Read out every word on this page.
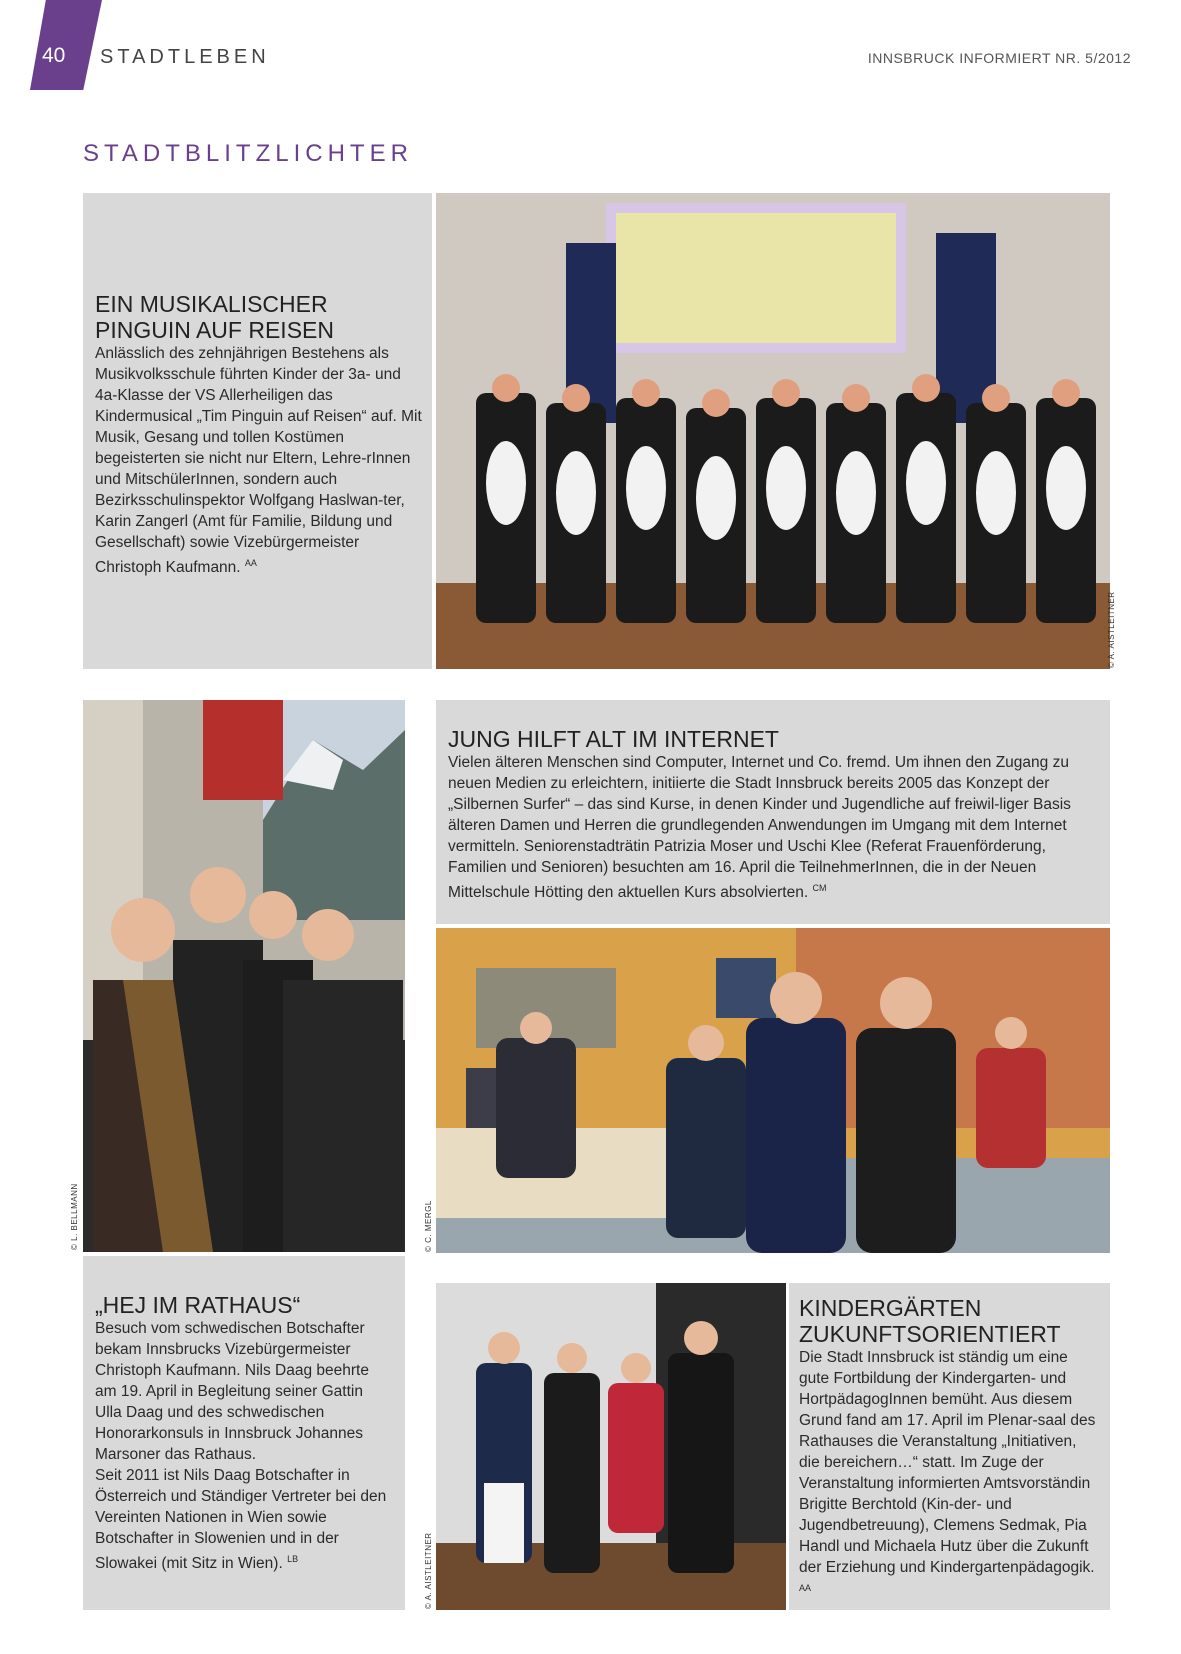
40 STADTLEBEN	INNSBRUCK INFORMIERT NR. 5/2012
STADTBLITZLICHTER
EIN MUSIKALISCHER
PINGUIN AUF REISEN

Anlässlich des zehnjährigen Bestehens als Musikvolksschule führten Kinder der 3a- und 4a-Klasse der VS Allerheiligen das Kindermusical „Tim Pinguin auf Reisen“ auf. Mit Musik, Gesang und tollen Kostümen begeisterten sie nicht nur Eltern, Lehre-rInnen und MitschülerInnen, sondern auch Bezirksschulinspektor Wolfgang Haslwan-ter, Karin Zangerl (Amt für Familie, Bildung und Gesellschaft) sowie Vizebürgermeister Christoph Kaufmann. $^{AA}$

© A. AISTLEITNER
© L. BELLMANN
JUNG HILFT ALT IM INTERNET

Vielen älteren Menschen sind Computer, Internet und Co. fremd. Um ihnen den Zugang zu neuen Medien zu erleichtern, initiierte die Stadt Innsbruck bereits 2005 das Konzept der „Silbernen Surfer“ – das sind Kurse, in denen Kinder und Jugendliche auf freiwil-liger Basis älteren Damen und Herren die grundlegenden Anwendungen im Umgang mit dem Internet vermitteln. Seniorenstadträtin Patrizia Moser und Uschi Klee (Referat Frauenförderung, Familien und Senioren) besuchten am 16. April die TeilnehmerInnen, die in der Neuen Mittelschule Hötting den aktuellen Kurs absolvierten. $^{CM}$

© C. MERGL
„HEJ IM RATHAUS“

Besuch vom schwedischen Botschafter bekam Innsbrucks Vizebürgermeister Christoph Kaufmann. Nils Daag beehrte am 19. April in Begleitung seiner Gattin Ulla Daag und des schwedischen Honorarkonsuls in Innsbruck Johannes Marsoner das Rathaus.
Seit 2011 ist Nils Daag Botschafter in Österreich und Ständiger Vertreter bei den Vereinten Nationen in Wien sowie Botschafter in Slowenien und in der Slowakei (mit Sitz in Wien). $^{LB}$	© A. AISTLEITNER
KINDERGÄRTEN
ZUKUNFTSORIENTIERT

Die Stadt Innsbruck ist ständig um eine gute Fortbildung der Kindergarten- und HortpädagogInnen bemüht. Aus diesem Grund fand am 17. April im Plenar-saal des Rathauses die Veranstaltung „Initiativen, die bereichern…“ statt. Im Zuge der Veranstaltung informierten Amtsvorständin Brigitte Berchtold (Kin-der- und Jugendbetreuung), Clemens Sedmak, Pia Handl und Michaela Hutz über die Zukunft der Erziehung und Kindergartenpädagogik. $^{AA}$
